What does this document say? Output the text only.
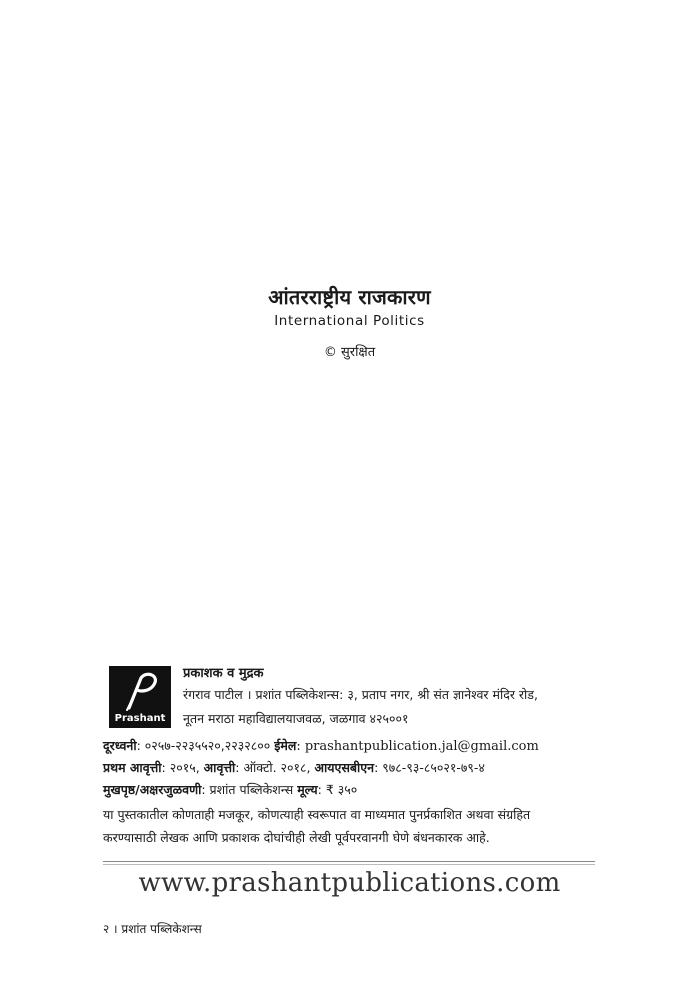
आंतरराष्ट्रीय राजकारण
International Politics
© सुरक्षित
Prashant
प्रकाशक व मुद्रक
रंगराव पाटील । प्रशांत पब्लिकेशन्स: ३, प्रताप नगर, श्री संत ज्ञानेश्वर मंदिर रोड,
नूतन मराठा महाविद्यालयाजवळ, जळगाव ४२५००१
दूरध्वनी: ०२५७-२२३५५२०,२२३२८०० ईमेल: prashantpublication.jal@gmail.com
प्रथम आवृत्ती: २०१५, आवृत्ती: ऑक्टो. २०१८, आयएसबीएन: ९७८-९३-८५०२१-७९-४
मुखपृष्ठ/अक्षरजुळवणी: प्रशांत पब्लिकेशन्स मूल्य: ₹ ३५०
या पुस्तकातील कोणताही मजकूर, कोणत्याही स्वरूपात वा माध्यमात पुनर्प्रकाशित अथवा संग्रहित
करण्यासाठी लेखक आणि प्रकाशक दोघांचीही लेखी पूर्वपरवानगी घेणे बंधनकारक आहे.
www.prashantpublications.com
२ । प्रशांत पब्लिकेशन्स
